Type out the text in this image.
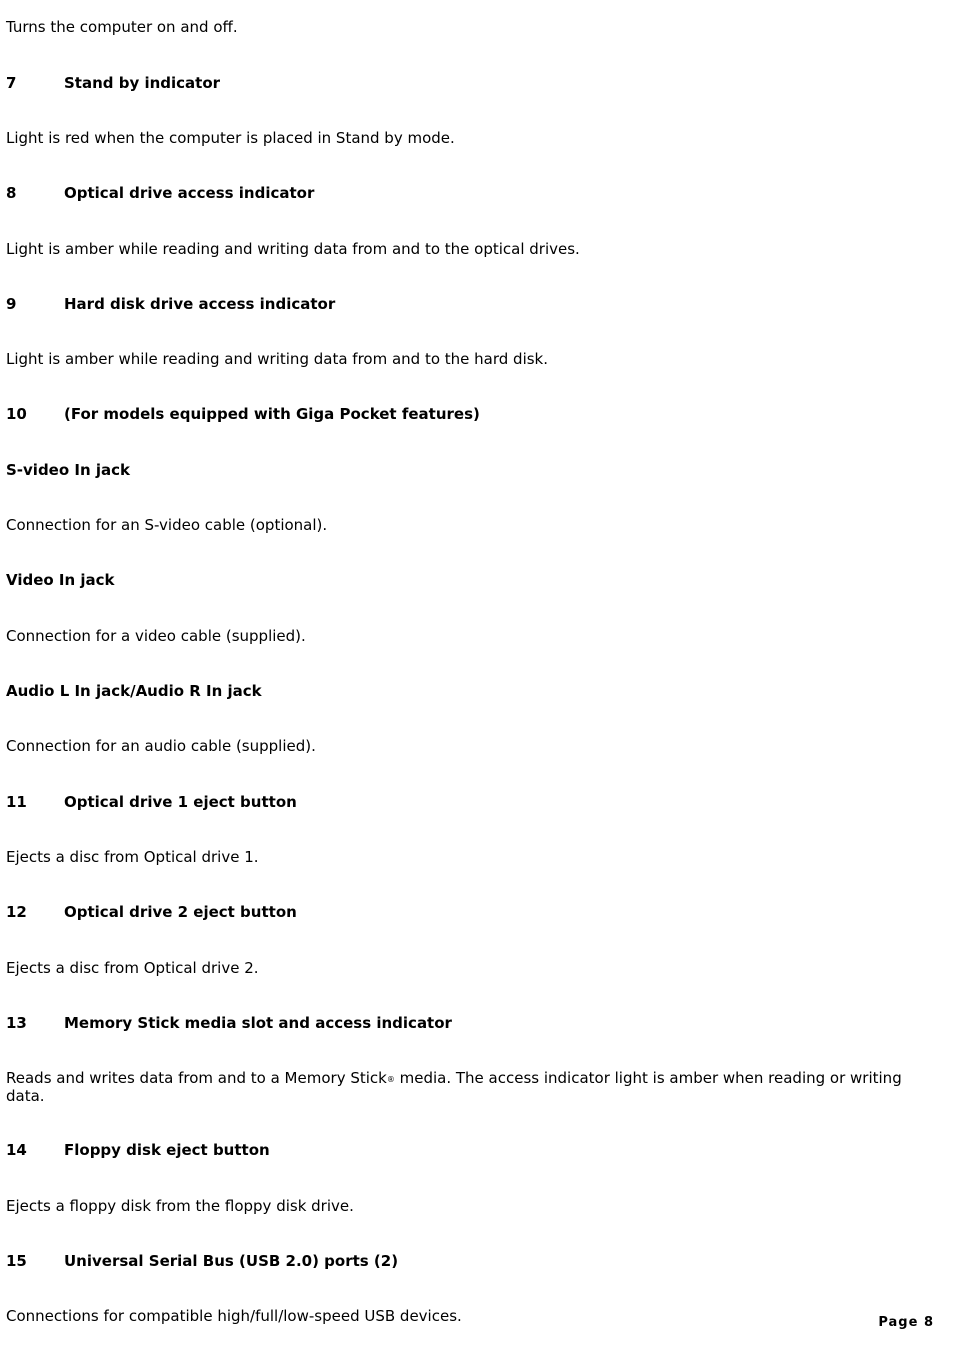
Turns the computer on and off.
7	Stand by indicator
Light is red when the computer is placed in Stand by mode.
8	Optical drive access indicator
Light is amber while reading and writing data from and to the optical drives.
9	Hard disk drive access indicator
Light is amber while reading and writing data from and to the hard disk.
10 (For models equipped with Giga Pocket features)
S-video In jack
Connection for an S-video cable (optional).
Video In jack
Connection for a video cable (supplied).
Audio L In jack/Audio R In jack
Connection for an audio cable (supplied).
11 Optical drive 1 eject button
Ejects a disc from Optical drive 1.
12 Optical drive 2 eject button
Ejects a disc from Optical drive 2.
13 Memory Stick media slot and access indicator
Reads and writes data from and to a Memory Stick® media. The access indicator light is amber when reading or writing data.
14 Floppy disk eject button
Ejects a floppy disk from the floppy disk drive.
15 Universal Serial Bus (USB 2.0) ports (2)
Connections for compatible high/full/low-speed USB devices.	Page 8
